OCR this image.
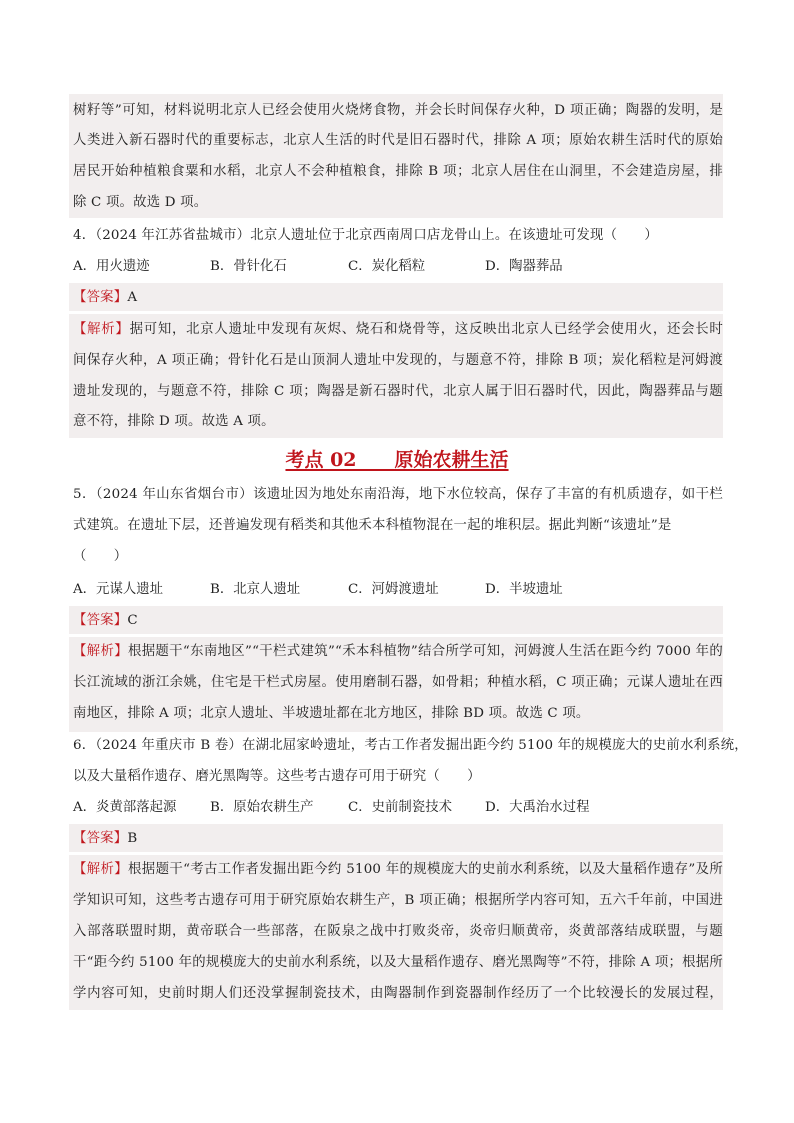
树籽等”可知，材料说明北京人已经会使用火烧烤食物，并会长时间保存火种，D 项正确；陶器的发明，是
人类进入新石器时代的重要标志，北京人生活的时代是旧石器时代，排除 A 项；原始农耕生活时代的原始
居民开始种植粮食粟和水稻，北京人不会种植粮食，排除 B 项；北京人居住在山洞里，不会建造房屋，排
除 C 项。故选 D 项。
4．（2024 年江苏省盐城市）北京人遗址位于北京西南周口店龙骨山上。在该遗址可发现（　　）
A．用火遗迹	B．骨针化石	C．炭化稻粒	D．陶器葬品
【答案】A
【解析】据可知，北京人遗址中发现有灰烬、烧石和烧骨等，这反映出北京人已经学会使用火，还会长时
间保存火种，A 项正确；骨针化石是山顶洞人遗址中发现的，与题意不符，排除 B 项；炭化稻粒是河姆渡
遗址发现的，与题意不符，排除 C 项；陶器是新石器时代，北京人属于旧石器时代，因此，陶器葬品与题
意不符，排除 D 项。故选 A 项。
考点 02　　原始农耕生活
5．（2024 年山东省烟台市）该遗址因为地处东南沿海，地下水位较高，保存了丰富的有机质遗存，如干栏
式建筑。在遗址下层，还普遍发现有稻类和其他禾本科植物混在一起的堆积层。据此判断“该遗址”是
（　　）
A．元谋人遗址	B．北京人遗址	C．河姆渡遗址	D．半坡遗址
【答案】C
【解析】根据题干“东南地区”“干栏式建筑”“禾本科植物”结合所学可知，河姆渡人生活在距今约 7000 年的
长江流域的浙江余姚，住宅是干栏式房屋。使用磨制石器，如骨耜；种植水稻，C 项正确；元谋人遗址在西
南地区，排除 A 项；北京人遗址、半坡遗址都在北方地区，排除 BD 项。故选 C 项。
6．（2024 年重庆市 B 卷）在湖北屈家岭遗址，考古工作者发掘出距今约 5100 年的规模庞大的史前水利系统，
以及大量稻作遗存、磨光黑陶等。这些考古遗存可用于研究（　　）
A．炎黄部落起源	B．原始农耕生产	C．史前制瓷技术 D．大禹治水过程
【答案】B
【解析】根据题干“考古工作者发掘出距今约 5100 年的规模庞大的史前水利系统，以及大量稻作遗存”及所
学知识可知，这些考古遗存可用于研究原始农耕生产，B 项正确；根据所学内容可知，五六千年前，中国进
入部落联盟时期，黄帝联合一些部落，在阪泉之战中打败炎帝，炎帝归顺黄帝，炎黄部落结成联盟，与题
干“距今约 5100 年的规模庞大的史前水利系统，以及大量稻作遗存、磨光黑陶等”不符，排除 A 项；根据所
学内容可知，史前时期人们还没掌握制瓷技术，由陶器制作到瓷器制作经历了一个比较漫长的发展过程，
